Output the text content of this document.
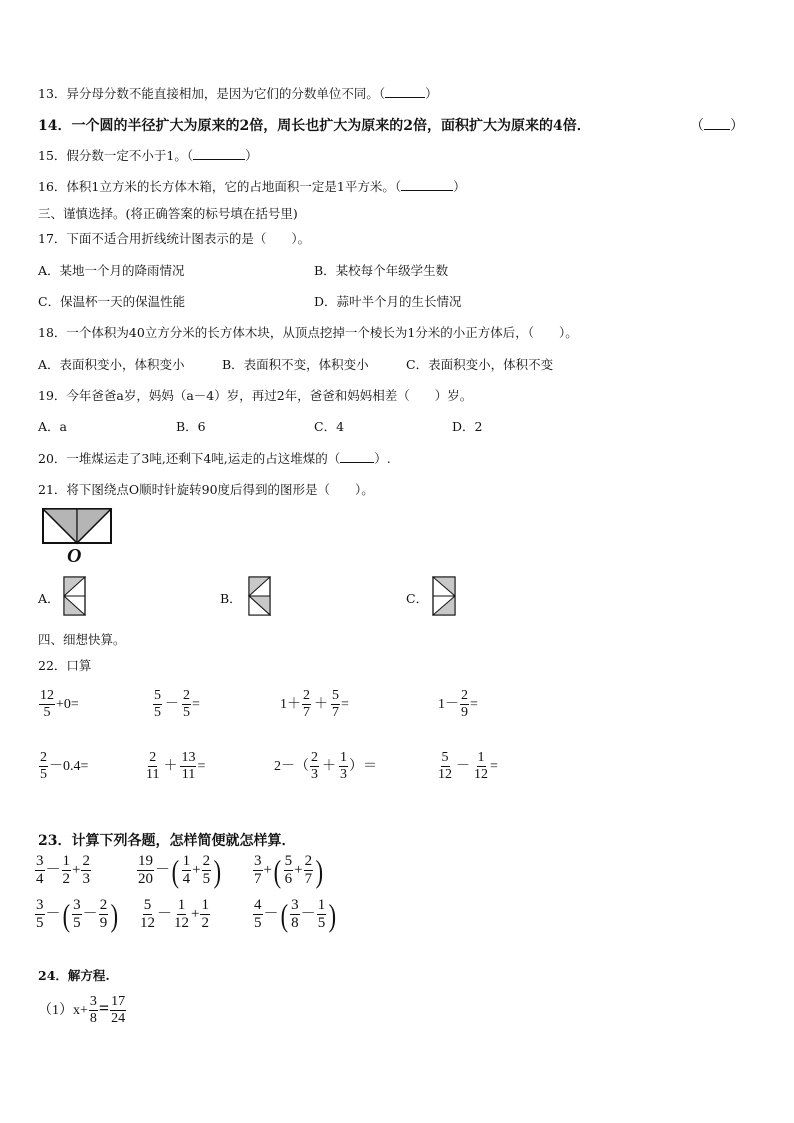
13．异分母分数不能直接相加，是因为它们的分数单位不同。（	）
14．一个圆的半径扩大为原来的2倍，周长也扩大为原来的2倍，面积扩大为原来的4倍．	（ ）
15．假分数一定不小于1。（	）
16．体积1立方米的长方体木箱，它的占地面积一定是1平方米。（	）
三、谨慎选择。(将正确答案的标号填在括号里)
17．下面不适合用折线统计图表示的是（　　）。
A．某地一个月的降雨情况	B．某校每个年级学生数
C．保温杯一天的保温性能	D．蒜叶半个月的生长情况
18．一个体积为40立方分米的长方体木块，从顶点挖掉一个棱长为1分米的小正方体后，（　　）。
A．表面积变小，体积变小	B．表面积不变，体积变小	C．表面积变小，体积不变
19．今年爸爸a岁，妈妈（a－4）岁，再过2年，爸爸和妈妈相差（　　）岁。
A．a	B．6	C．4	D．2
20．一堆煤运走了3吨,还剩下4吨,运走的占这堆煤的（	）.
21．将下图绕点O顺时针旋转90度后得到的图形是（　　）。
O
A．	B．	C．
四、细想快算。
22．口算
$\frac{12}{5} +0=$	$\frac{5}{5} - \frac{2}{5}$ =	$1+ \frac{2}{7} + \frac{5}{7}$ =	$1- \frac{2}{9}$ =
$\frac{2}{5} -0.4=$	$\frac{2}{11} + \frac{13}{11}$ =	$2-( \frac{2}{3} + \frac{1}{3}$ ）＝	$\frac{5}{12} - \frac{1}{12}$ =
23．计算下列各题，怎样简便就怎样算．
$\frac{3}{4} - \frac{1}{2} + \frac{2}{3}$	$\frac{19}{20}$ －( $\frac{1}{4} + \frac{2}{5}$ ) $\frac{3}{7}$ +( $\frac{5}{6} + \frac{2}{7}$ )
$\frac{3}{5}$ －( $\frac{3}{5} - \frac{2}{9}$ ) $\frac{5}{12} - \frac{1}{12} + \frac{1}{2}$	$\frac{4}{5}$ －( $\frac{3}{8} - \frac{1}{5}$ )
24．解方程.
$(1)x+ \frac{3}{8} = \frac{17}{24}$
